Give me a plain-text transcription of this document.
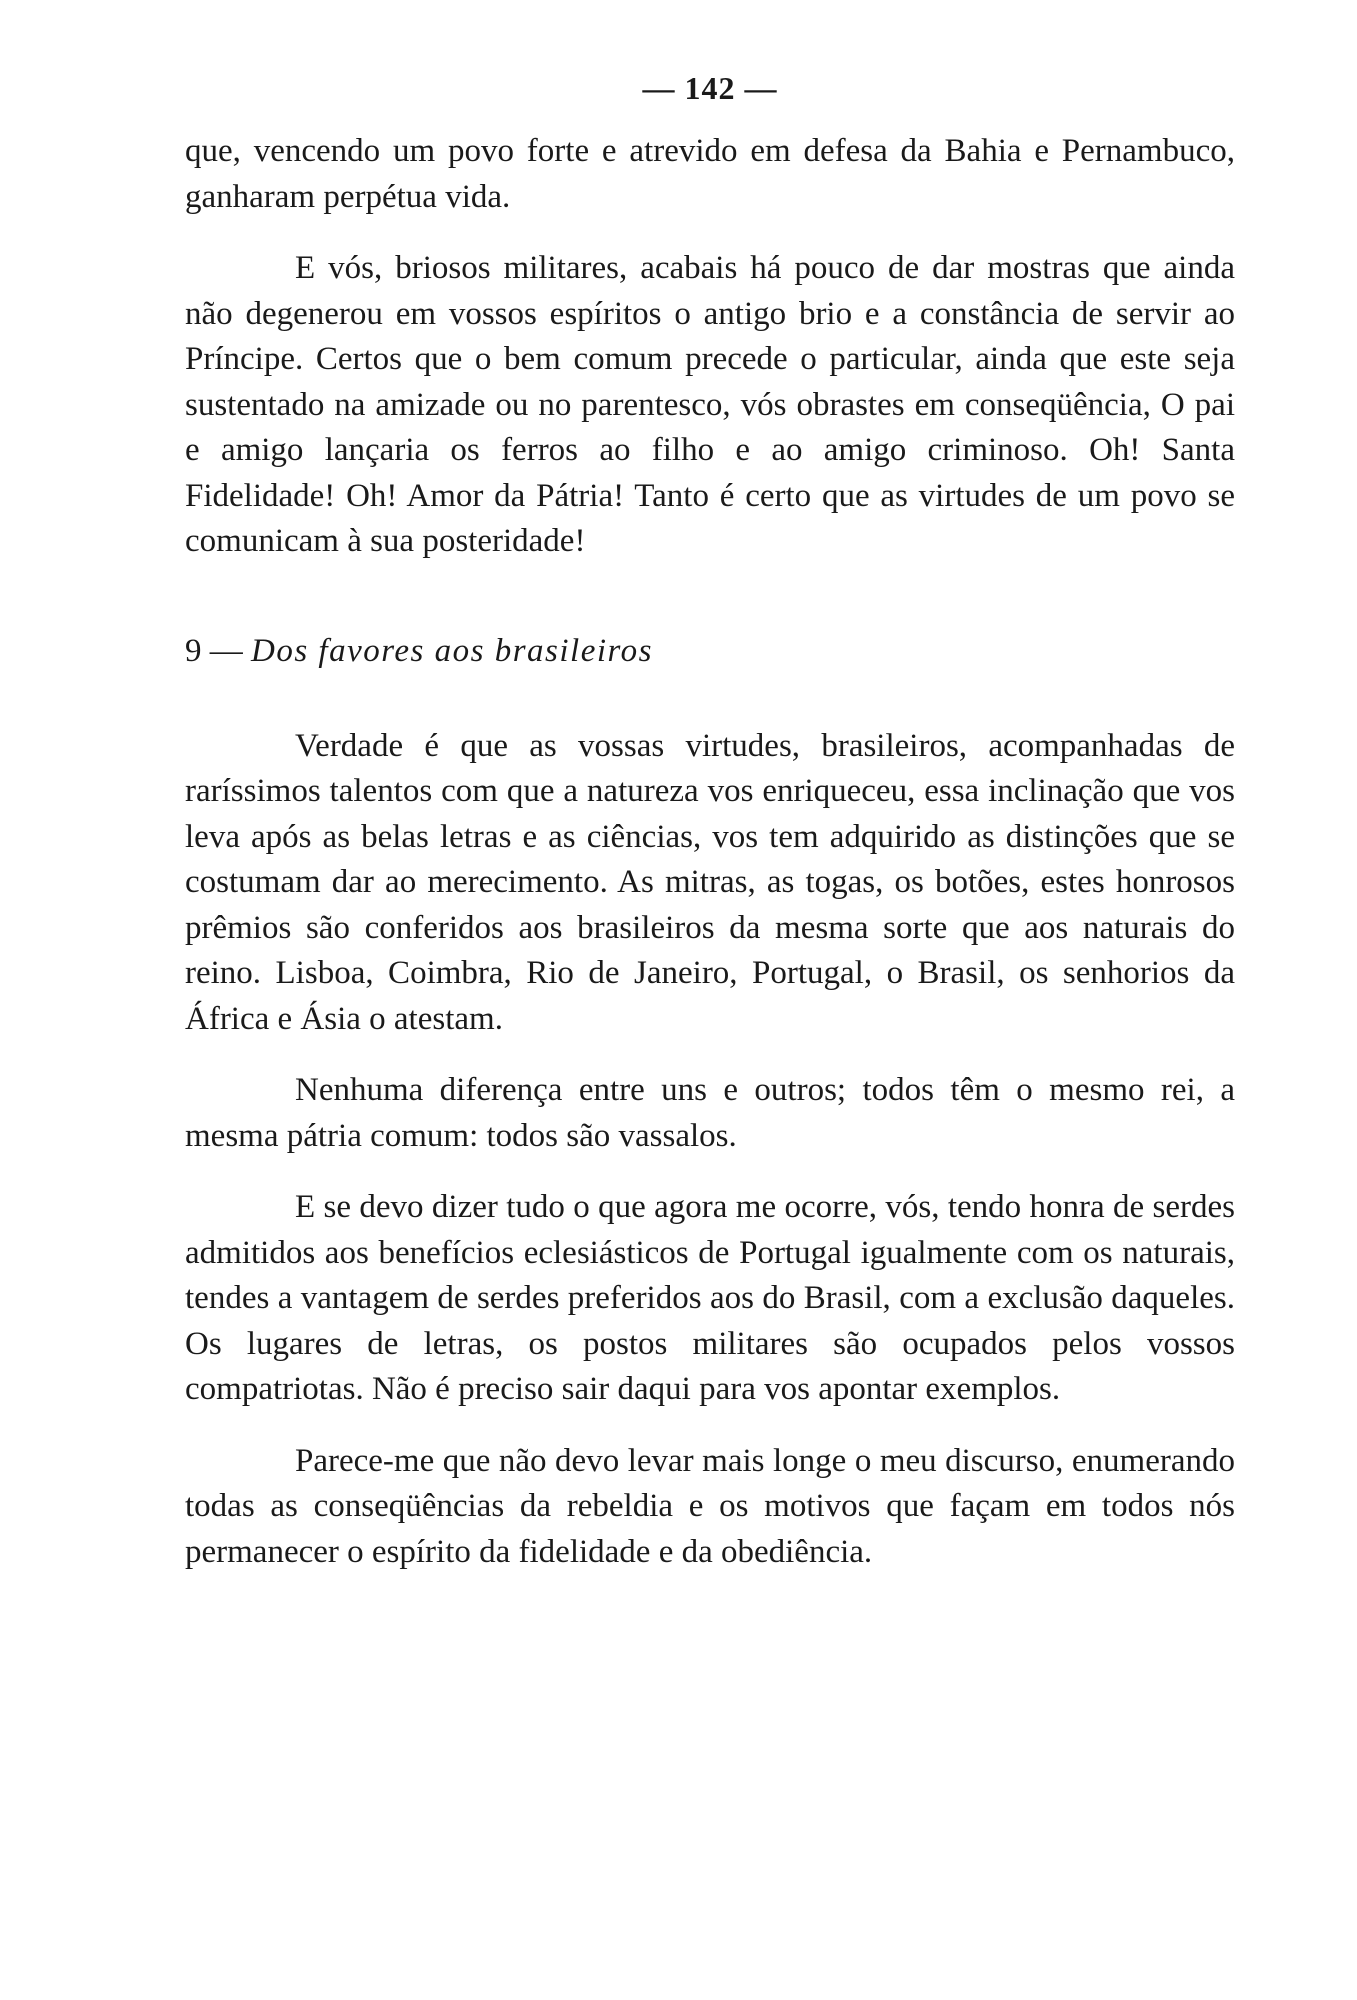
— 142 —

que, vencendo um povo forte e atrevido em defesa da Bahia e Pernambuco, ganharam perpétua vida.

E vós, briosos militares, acabais há pouco de dar mostras que ainda não degenerou em vossos espíritos o antigo brio e a constância de servir ao Príncipe. Certos que o bem comum precede o particular, ainda que este seja sustentado na amizade ou no parentesco, vós obrastes em conseqüência, O pai e amigo lançaria os ferros ao filho e ao amigo criminoso. Oh! Santa Fidelidade! Oh! Amor da Pátria! Tanto é certo que as virtudes de um povo se comunicam à sua posteridade!

9 — Dos favores aos brasileiros

Verdade é que as vossas virtudes, brasileiros, acompanhadas de raríssimos talentos com que a natureza vos enriqueceu, essa inclinação que vos leva após as belas letras e as ciências, vos tem adquirido as distinções que se costumam dar ao merecimento. As mitras, as togas, os botões, estes honrosos prêmios são conferidos aos brasileiros da mesma sorte que aos naturais do reino. Lisboa, Coimbra, Rio de Janeiro, Portugal, o Brasil, os senhorios da África e Ásia o atestam.

Nenhuma diferença entre uns e outros; todos têm o mesmo rei, a mesma pátria comum: todos são vassalos.

E se devo dizer tudo o que agora me ocorre, vós, tendo honra de serdes admitidos aos benefícios eclesiásticos de Portugal igualmente com os naturais, tendes a vantagem de serdes preferidos aos do Brasil, com a exclusão daqueles. Os lugares de letras, os postos militares são ocupados pelos vossos compatriotas. Não é preciso sair daqui para vos apontar exemplos.

Parece-me que não devo levar mais longe o meu discurso, enumerando todas as conseqüências da rebeldia e os motivos que façam em todos nós permanecer o espírito da fidelidade e da obediência.
